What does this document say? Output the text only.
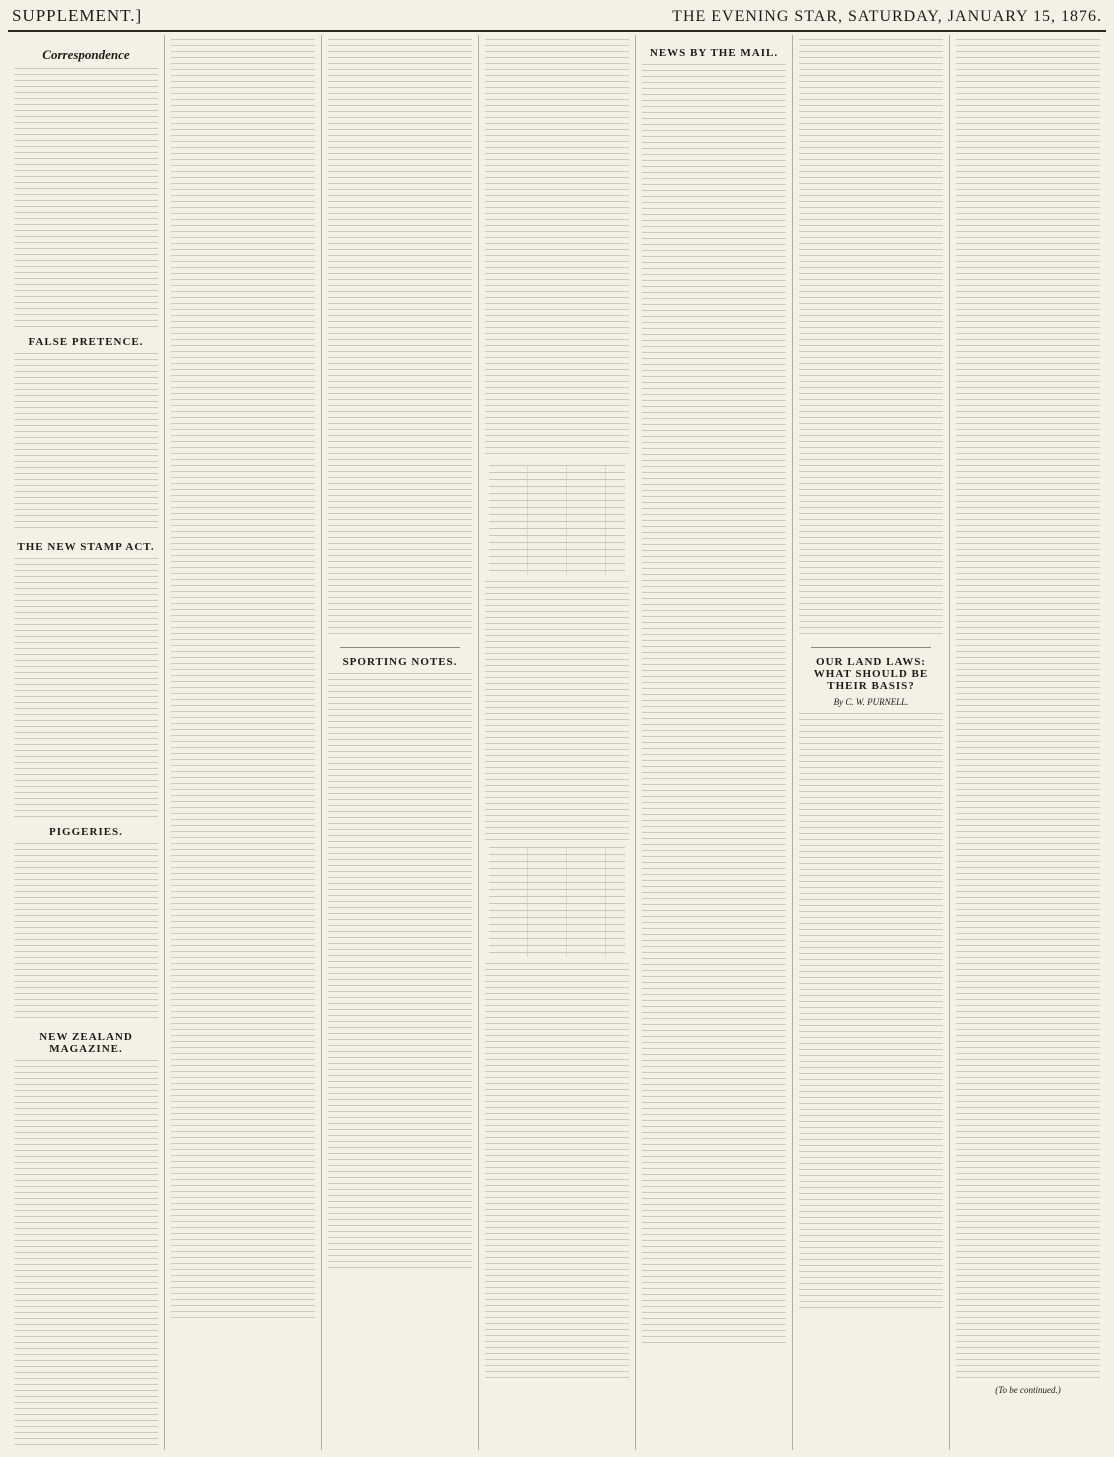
SUPPLEMENT.]	THE EVENING STAR, SATURDAY, JANUARY 15, 1876.
Correspondence
FALSE PRETENCE.
THE NEW STAMP ACT.
PIGGERIES.
NEW ZEALAND MAGAZINE.
SPORTING NOTES.
NEWS BY THE MAIL.
OUR LAND LAWS: WHAT SHOULD BE THEIR BASIS?
By C. W. PURNELL.
(To be continued.)
